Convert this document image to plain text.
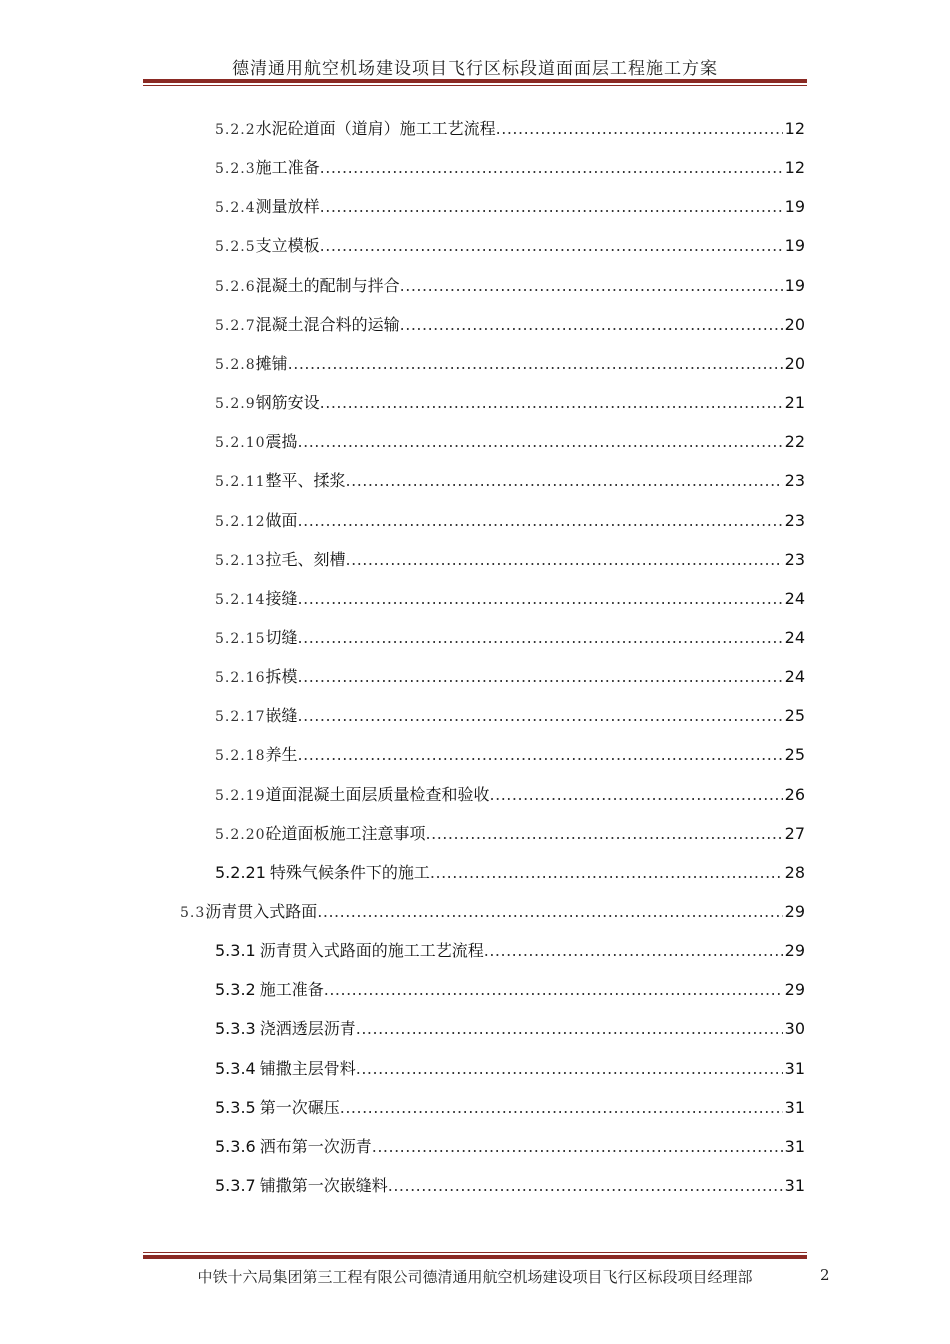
德清通用航空机场建设项目飞行区标段道面面层工程施工方案
5.2.2 水泥砼道面（道肩）施工工艺流程 .....	12
5.2.3 施工准备 .....	12
5.2.4 测量放样 .....	19
5.2.5 支立模板 .....	19
5.2.6 混凝土的配制与拌合 .....	19
5.2.7 混凝土混合料的运输 .....	20
5.2.8 摊铺 .....	20
5.2.9 钢筋安设 .....	21
5.2.10 震捣 .....	22
5.2.11 整平、揉浆 .....	23
5.2.12 做面 .....	23
5.2.13 拉毛、刻槽 .....	23
5.2.14 接缝 .....	24
5.2.15 切缝 .....	24
5.2.16 拆模 .....	24
5.2.17 嵌缝 .....	25
5.2.18 养生 .....	25
5.2.19 道面混凝土面层质量检查和验收 .....	26
5.2.20 砼道面板施工注意事项 .....	27
5.2.21 特殊气候条件下的施工 .....	28
5.3 沥青贯入式路面 .....	29
5.3.1 沥青贯入式路面的施工工艺流程 .....	29
5.3.2 施工准备 .....	29
5.3.3 浇洒透层沥青 .....	30
5.3.4 铺撒主层骨料 .....	31
5.3.5 第一次碾压 .....	31
5.3.6 洒布第一次沥青 .....	31
5.3.7 铺撒第一次嵌缝料 .....	31
中铁十六局集团第三工程有限公司德清通用航空机场建设项目飞行区标段项目经理部	2
